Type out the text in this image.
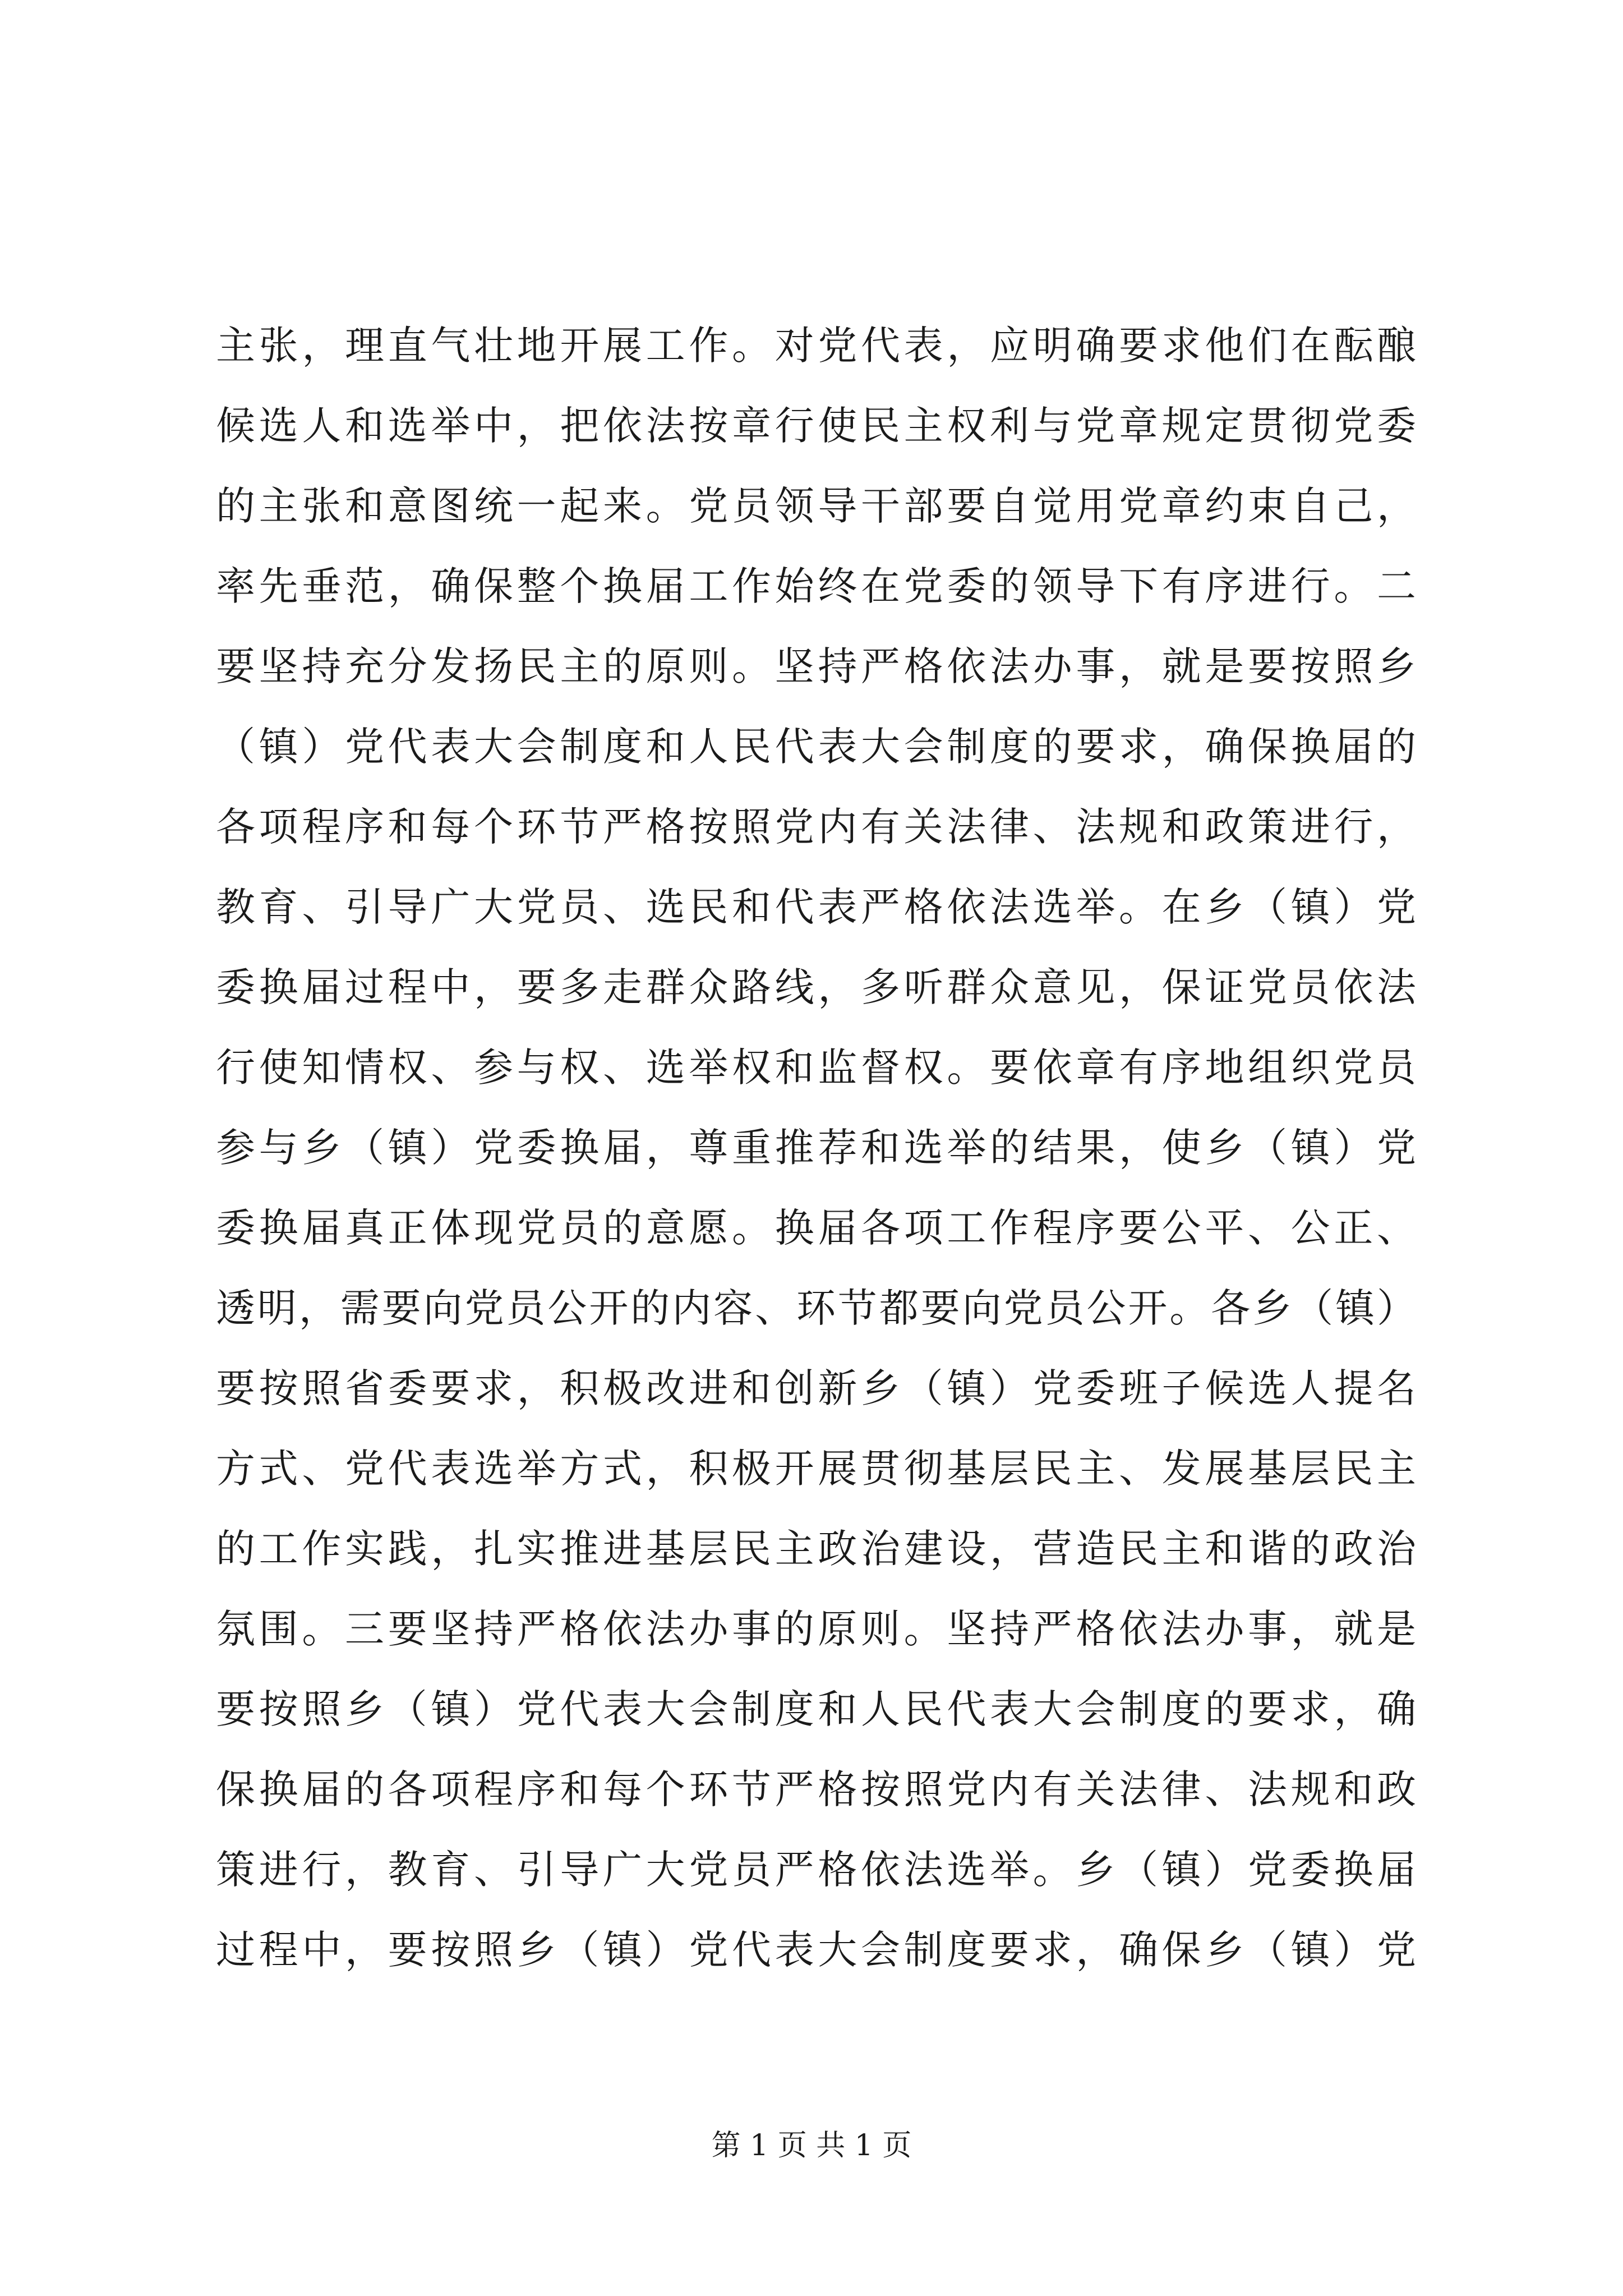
主张，理直气壮地开展工作。对党代表，应明确要求他们在酝酿
候选人和选举中，把依法按章行使民主权利与党章规定贯彻党委
的主张和意图统一起来。党员领导干部要自觉用党章约束自己，
率先垂范，确保整个换届工作始终在党委的领导下有序进行。二
要坚持充分发扬民主的原则。坚持严格依法办事，就是要按照乡
（镇）党代表大会制度和人民代表大会制度的要求，确保换届的
各项程序和每个环节严格按照党内有关法律、法规和政策进行，
教育、引导广大党员、选民和代表严格依法选举。在乡（镇）党
委换届过程中，要多走群众路线，多听群众意见，保证党员依法
行使知情权、参与权、选举权和监督权。要依章有序地组织党员
参与乡（镇）党委换届，尊重推荐和选举的结果，使乡（镇）党
委换届真正体现党员的意愿。换届各项工作程序要公平、公正、
透明，需要向党员公开的内容、环节都要向党员公开。各乡（镇）
要按照省委要求，积极改进和创新乡（镇）党委班子候选人提名
方式、党代表选举方式，积极开展贯彻基层民主、发展基层民主
的工作实践，扎实推进基层民主政治建设，营造民主和谐的政治
氛围。三要坚持严格依法办事的原则。坚持严格依法办事，就是
要按照乡（镇）党代表大会制度和人民代表大会制度的要求，确
保换届的各项程序和每个环节严格按照党内有关法律、法规和政
策进行，教育、引导广大党员严格依法选举。乡（镇）党委换届
过程中，要按照乡（镇）党代表大会制度要求，确保乡（镇）党
第 1 页 共 1 页
